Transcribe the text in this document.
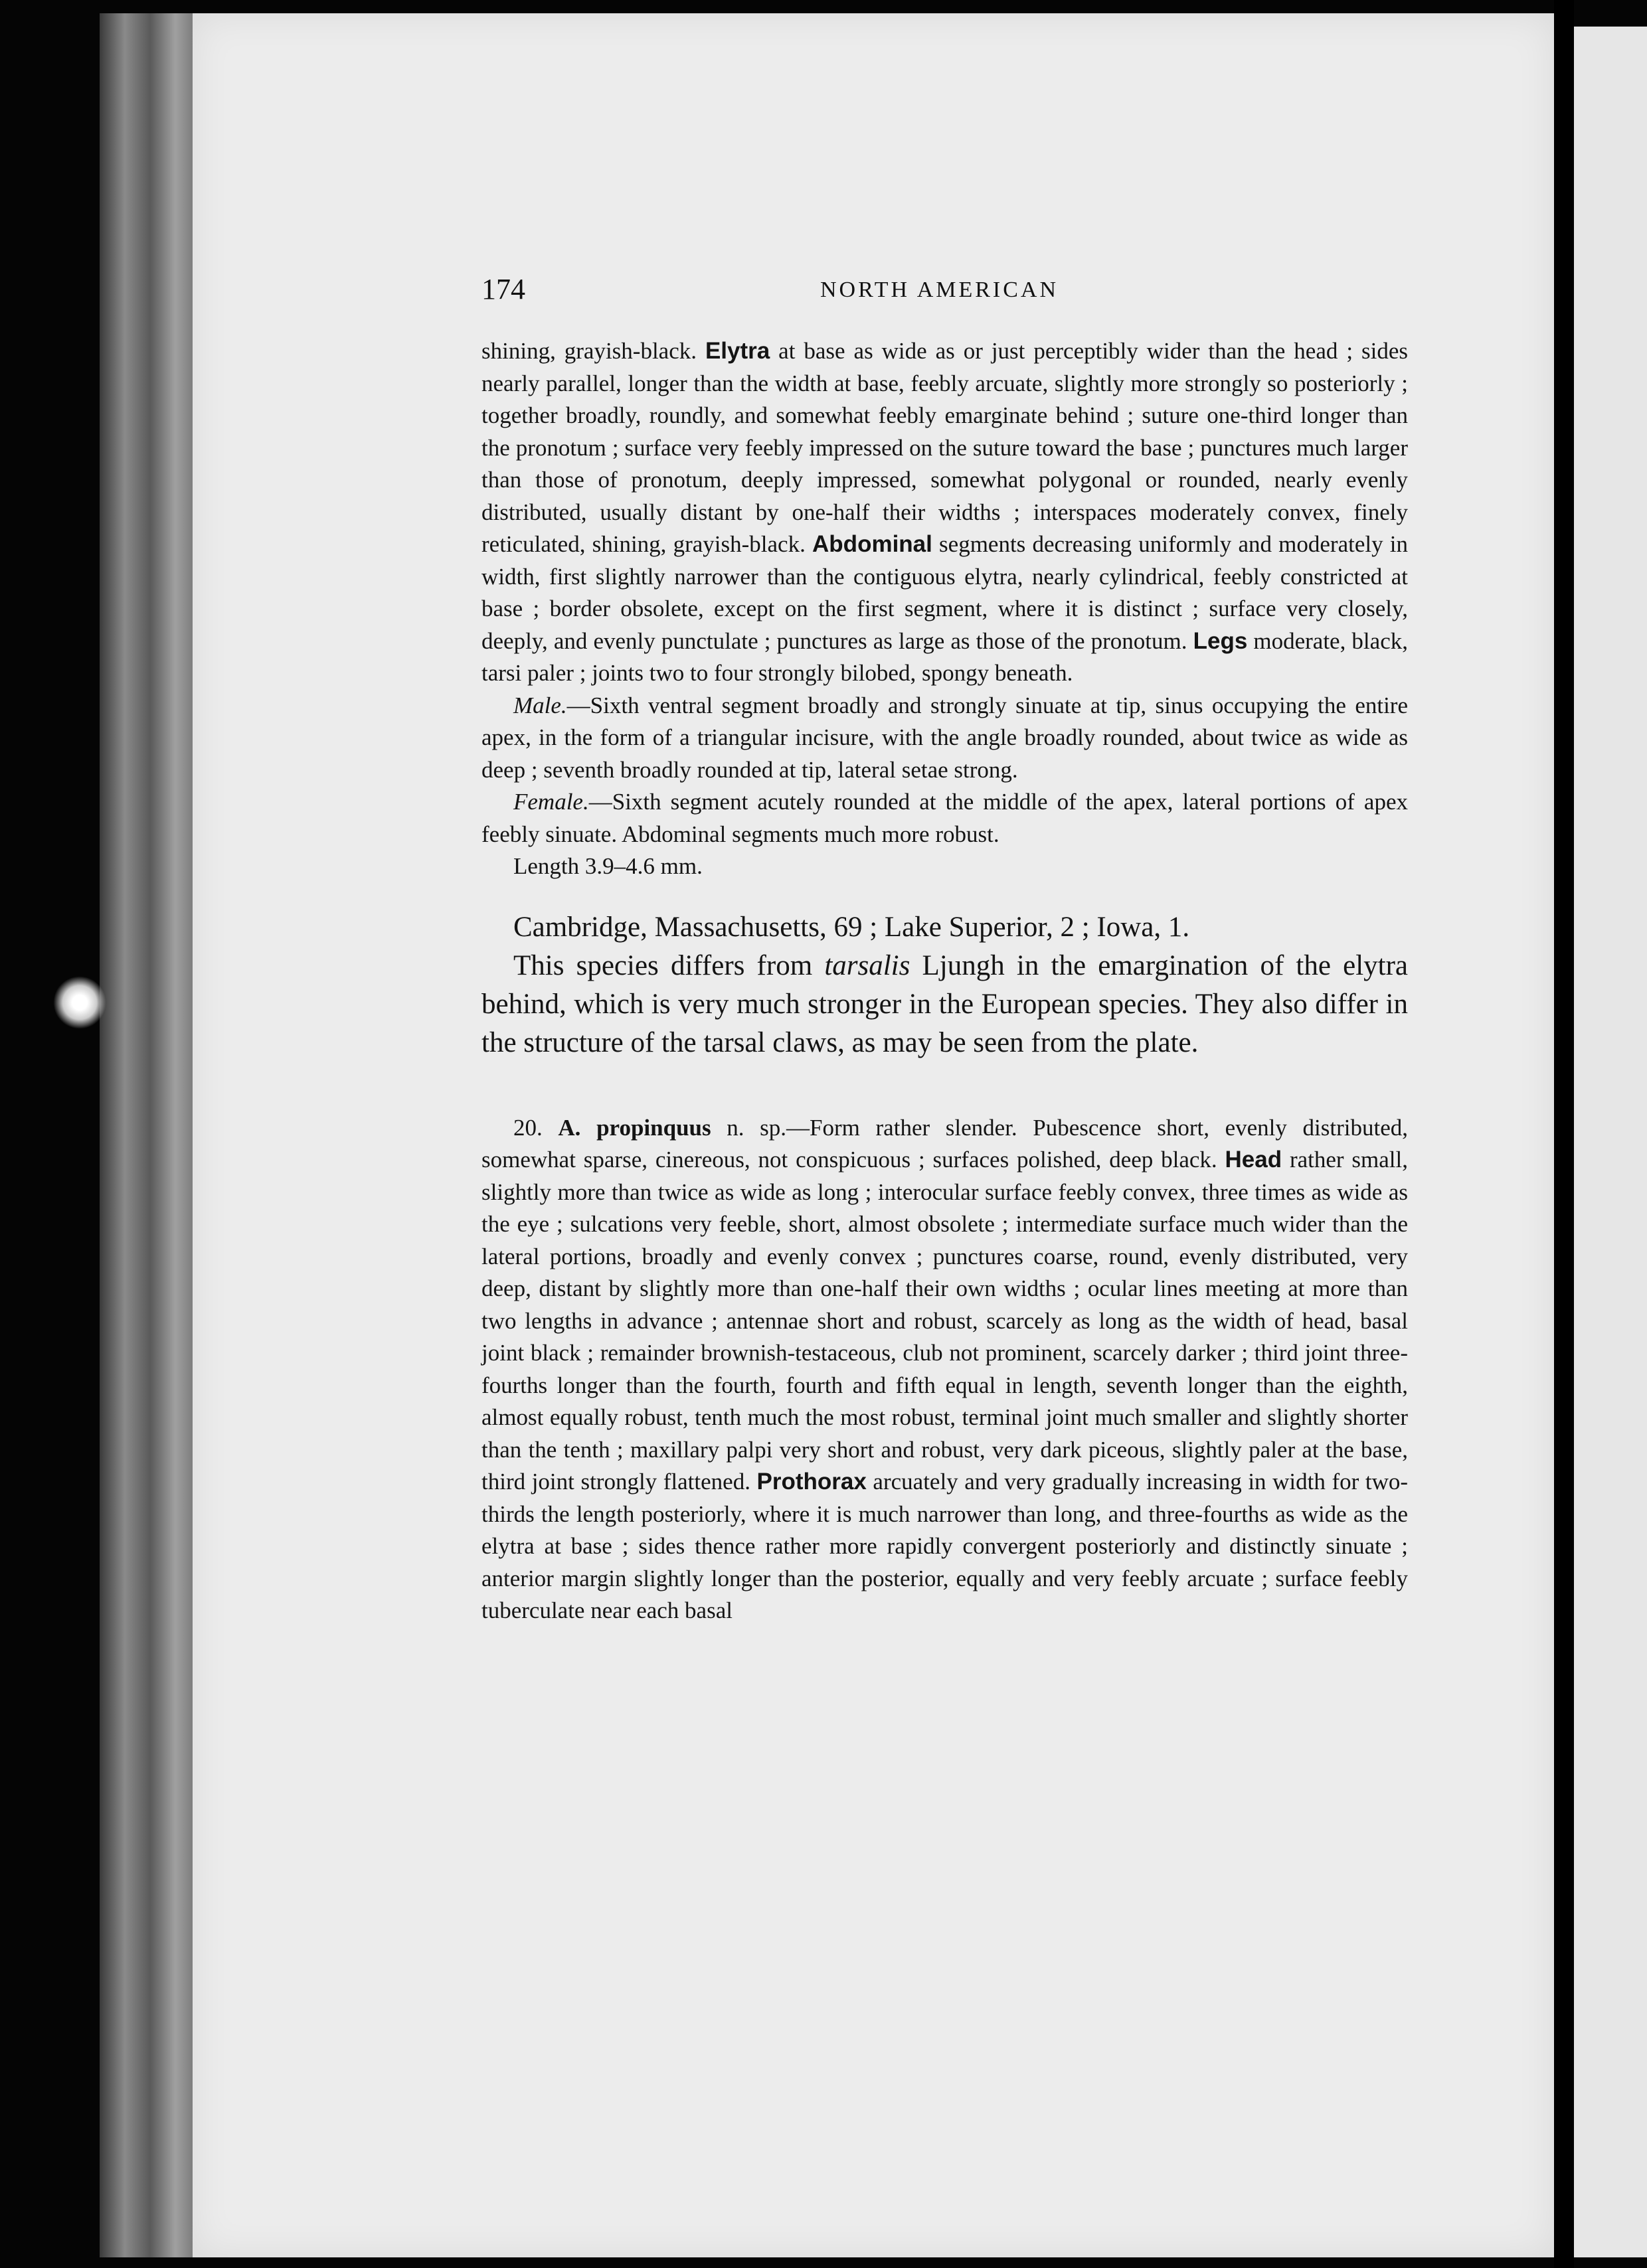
174	NORTH AMERICAN

shining, grayish-black. Elytra at base as wide as or just perceptibly wider than the head ; sides nearly parallel, longer than the width at base, feebly arcuate, slightly more strongly so posteriorly ; together broadly, roundly, and somewhat feebly emarginate behind ; suture one-third longer than the pronotum ; surface very feebly impressed on the suture toward the base ; punctures much larger than those of pronotum, deeply impressed, somewhat polygonal or rounded, nearly evenly distributed, usually distant by one-half their widths ; interspaces moderately convex, finely reticulated, shining, grayish-black. Abdominal segments decreasing uniformly and moderately in width, first slightly narrower than the contiguous elytra, nearly cylindrical, feebly constricted at base ; border obsolete, except on the first segment, where it is distinct ; surface very closely, deeply, and evenly punctulate ; punctures as large as those of the pronotum. Legs moderate, black, tarsi paler ; joints two to four strongly bilobed, spongy beneath.

Male.—Sixth ventral segment broadly and strongly sinuate at tip, sinus occupying the entire apex, in the form of a triangular incisure, with the angle broadly rounded, about twice as wide as deep ; seventh broadly rounded at tip, lateral setae strong.

Female.—Sixth segment acutely rounded at the middle of the apex, lateral portions of apex feebly sinuate. Abdominal segments much more robust.

Length 3.9–4.6 mm.

Cambridge, Massachusetts, 69 ; Lake Superior, 2 ; Iowa, 1.

This species differs from tarsalis Ljungh in the emargination of the elytra behind, which is very much stronger in the European species. They also differ in the structure of the tarsal claws, as may be seen from the plate.

20. A. propinquus n. sp.—Form rather slender. Pubescence short, evenly distributed, somewhat sparse, cinereous, not conspicuous ; surfaces polished, deep black. Head rather small, slightly more than twice as wide as long ; interocular surface feebly convex, three times as wide as the eye ; sulcations very feeble, short, almost obsolete ; intermediate surface much wider than the lateral portions, broadly and evenly convex ; punctures coarse, round, evenly distributed, very deep, distant by slightly more than one-half their own widths ; ocular lines meeting at more than two lengths in advance ; antennae short and robust, scarcely as long as the width of head, basal joint black ; remainder brownish-testaceous, club not prominent, scarcely darker ; third joint three-fourths longer than the fourth, fourth and fifth equal in length, seventh longer than the eighth, almost equally robust, tenth much the most robust, terminal joint much smaller and slightly shorter than the tenth ; maxillary palpi very short and robust, very dark piceous, slightly paler at the base, third joint strongly flattened. Prothorax arcuately and very gradually increasing in width for two-thirds the length posteriorly, where it is much narrower than long, and three-fourths as wide as the elytra at base ; sides thence rather more rapidly convergent posteriorly and distinctly sinuate ; anterior margin slightly longer than the posterior, equally and very feebly arcuate ; surface feebly tuberculate near each basal
